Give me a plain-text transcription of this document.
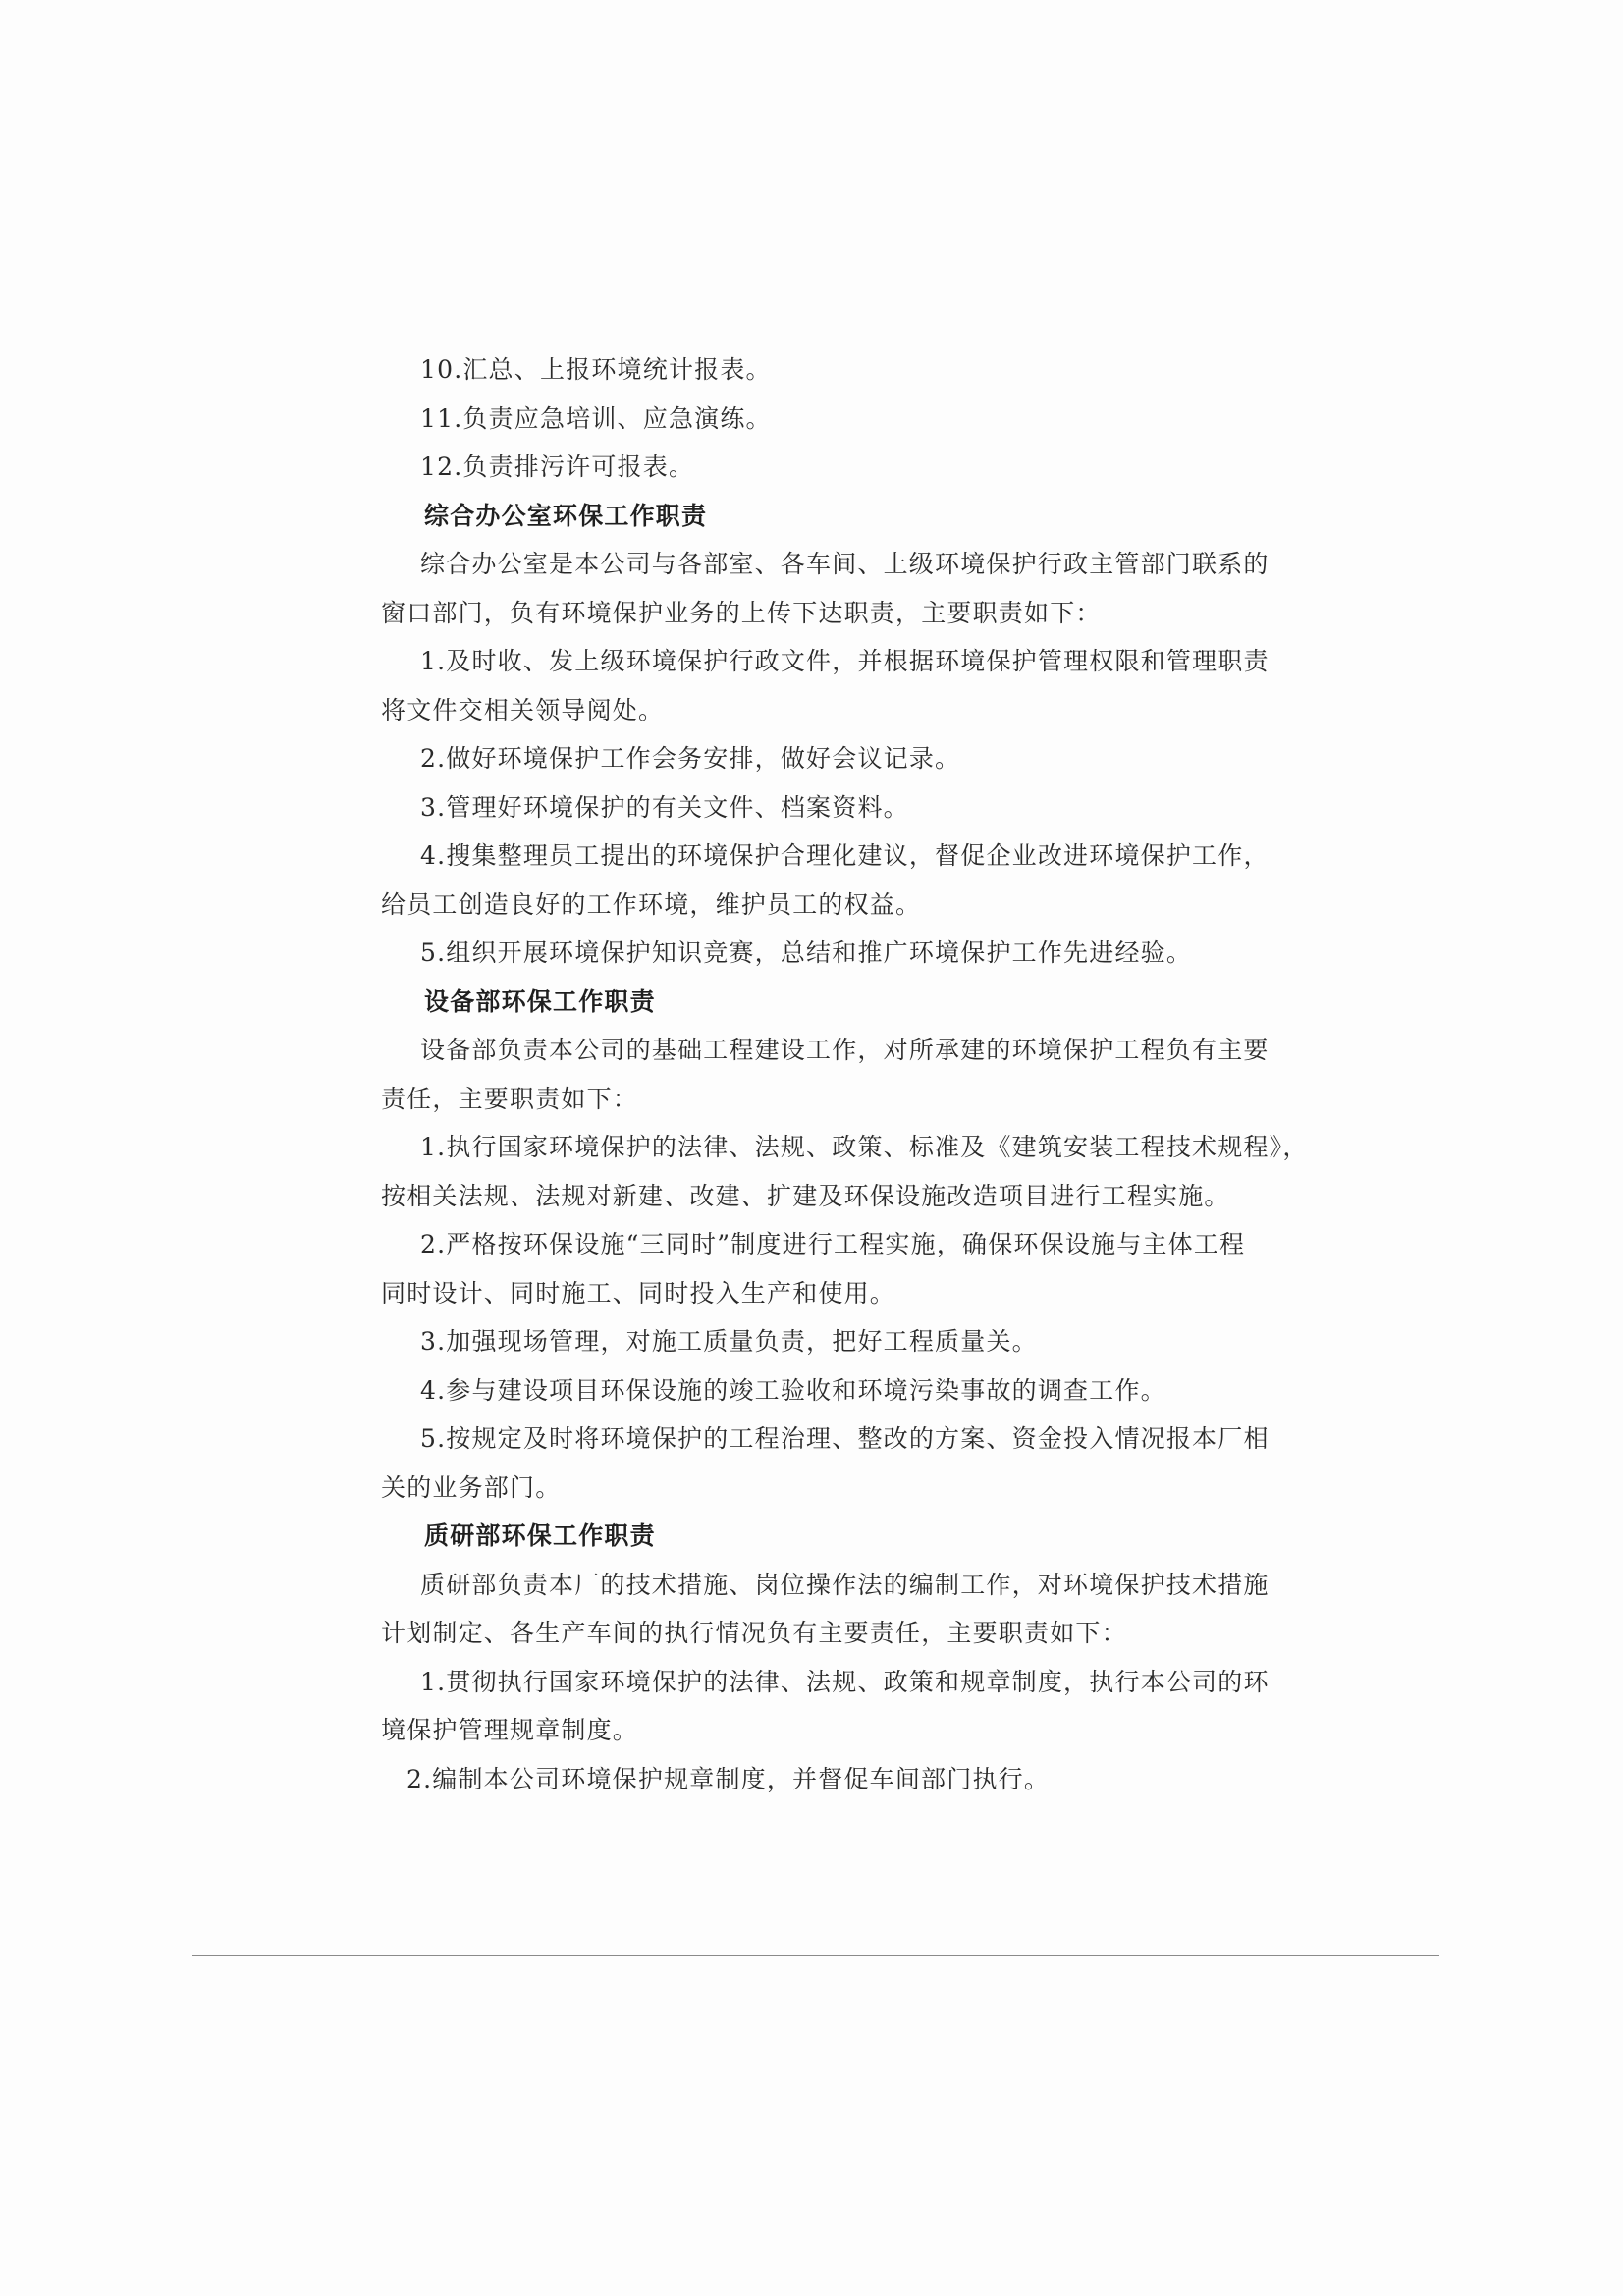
10.汇总、上报环境统计报表。
11.负责应急培训、应急演练。
12.负责排污许可报表。
综合办公室环保工作职责
综合办公室是本公司与各部室、各车间、上级环境保护行政主管部门联系的
窗口部门，负有环境保护业务的上传下达职责，主要职责如下：
1.及时收、发上级环境保护行政文件，并根据环境保护管理权限和管理职责
将文件交相关领导阅处。
2.做好环境保护工作会务安排，做好会议记录。
3.管理好环境保护的有关文件、档案资料。
4.搜集整理员工提出的环境保护合理化建议，督促企业改进环境保护工作，
给员工创造良好的工作环境，维护员工的权益。
5.组织开展环境保护知识竞赛，总结和推广环境保护工作先进经验。
设备部环保工作职责
设备部负责本公司的基础工程建设工作，对所承建的环境保护工程负有主要
责任，主要职责如下：
1.执行国家环境保护的法律、法规、政策、标准及《建筑安装工程技术规程》，
按相关法规、法规对新建、改建、扩建及环保设施改造项目进行工程实施。
2.严格按环保设施“三同时”制度进行工程实施，确保环保设施与主体工程
同时设计、同时施工、同时投入生产和使用。
3.加强现场管理，对施工质量负责，把好工程质量关。
4.参与建设项目环保设施的竣工验收和环境污染事故的调查工作。
5.按规定及时将环境保护的工程治理、整改的方案、资金投入情况报本厂相
关的业务部门。
质研部环保工作职责
质研部负责本厂的技术措施、岗位操作法的编制工作，对环境保护技术措施
计划制定、各生产车间的执行情况负有主要责任，主要职责如下：
1.贯彻执行国家环境保护的法律、法规、政策和规章制度，执行本公司的环
境保护管理规章制度。
2.编制本公司环境保护规章制度，并督促车间部门执行。
